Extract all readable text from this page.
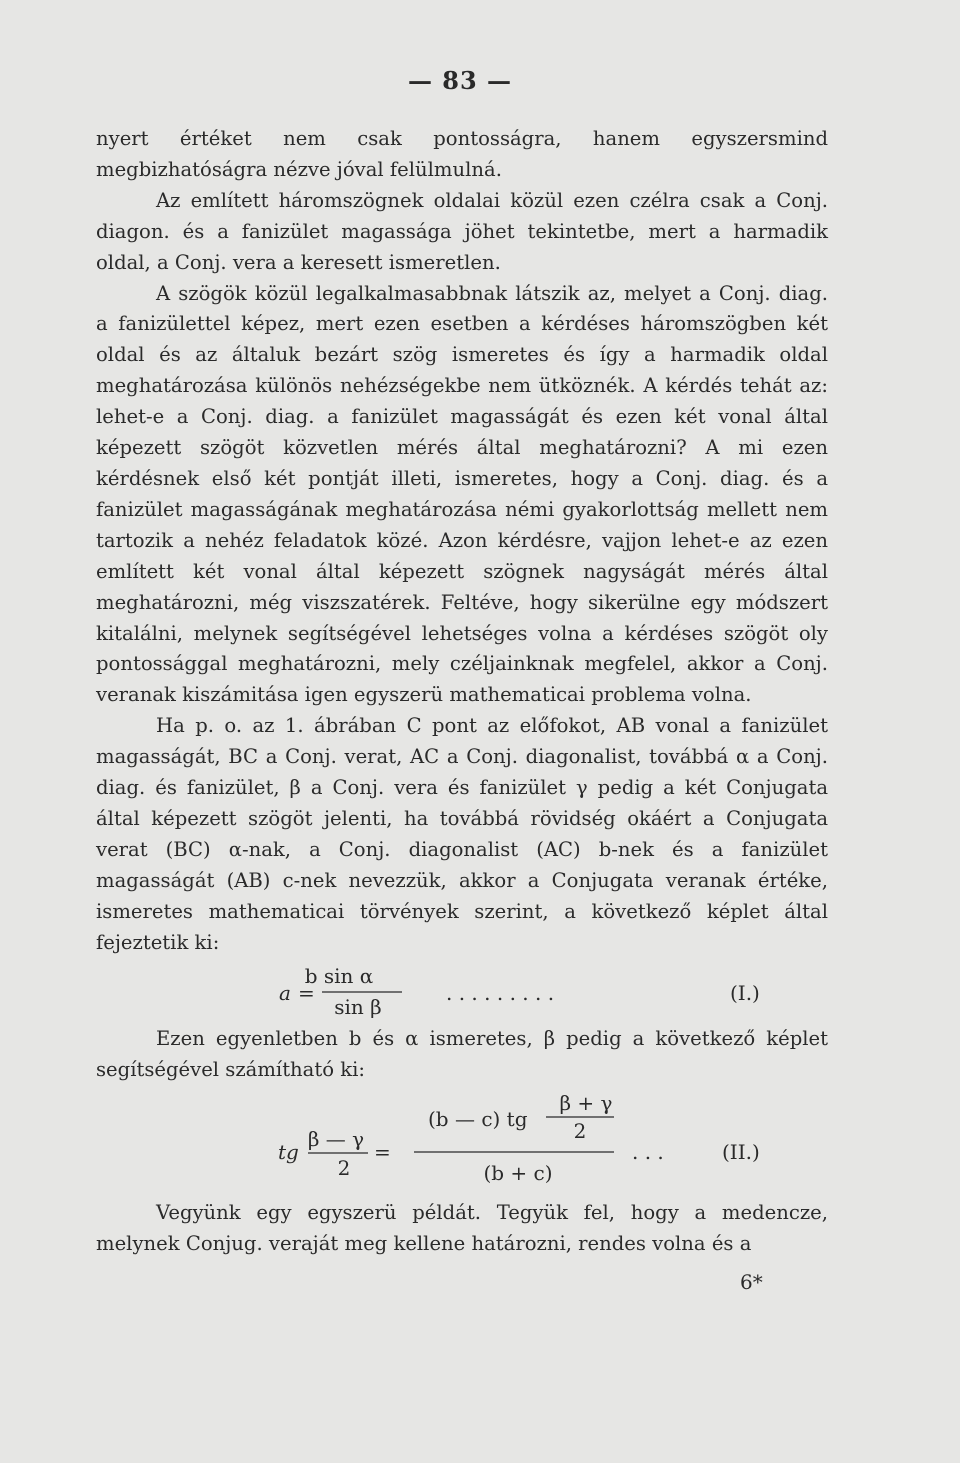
— 83 —

nyert értéket nem csak pontosságra, hanem egyszersmind megbizhatóságra nézve jóval felülmulná.

Az említett háromszögnek oldalai közül ezen czélra csak a Conj. diagon. és a fanizület magassága jöhet tekintetbe, mert a harmadik oldal, a Conj. vera a keresett ismeretlen.

A szögök közül legalkalmasabbnak látszik az, melyet a Conj. diag. a fanizülettel képez, mert ezen esetben a kérdéses háromszögben két oldal és az általuk bezárt szög ismeretes és így a harmadik oldal meghatározása különös nehézségekbe nem ütköznék. A kérdés tehát az: lehet-e a Conj. diag. a fanizület magasságát és ezen két vonal által képezett szögöt közvetlen mérés által meghatározni? A mi ezen kérdésnek első két pontját illeti, ismeretes, hogy a Conj. diag. és a fanizület magasságának meghatározása némi gyakorlottság mellett nem tartozik a nehéz feladatok közé. Azon kérdésre, vajjon lehet-e az ezen említett két vonal által képezett szögnek nagyságát mérés által meghatározni, még viszszatérek. Feltéve, hogy sikerülne egy módszert kitalálni, melynek segítségével lehetséges volna a kérdéses szögöt oly pontossággal meghatározni, mely czéljainknak megfelel, akkor a Conj. veranak kiszámitása igen egyszerü mathematicai problema volna.

Ha p. o. az 1. ábrában C pont az előfokot, AB vonal a fanizület magasságát, BC a Conj. verat, AC a Conj. diagonalist, továbbá α a Conj. diag. és fanizület, β a Conj. vera és fanizület γ pedig a két Conjugata által képezett szögöt jelenti, ha továbbá rövidség okáért a Conjugata verat (BC) α-nak, a Conj. diagonalist (AC) b-nek és a fanizület magasságát (AB) c-nek nevezzük, akkor a Conjugata veranak értéke, ismeretes mathematicai törvények szerint, a következő képlet által fejeztetik ki:

a =
b sin α
sin β
. . . . . . . . .	(I.)

Ezen egyenletben b és α ismeretes, β pedig a következő képlet segítségével számítható ki:

tg
β — γ
2
=
(b — c) tg
β + γ
2
(b + c)
. . .	(II.)

Vegyünk egy egyszerü példát. Tegyük fel, hogy a medencze, melynek Conjug. veraját meg kellene határozni, rendes volna és a

6*
